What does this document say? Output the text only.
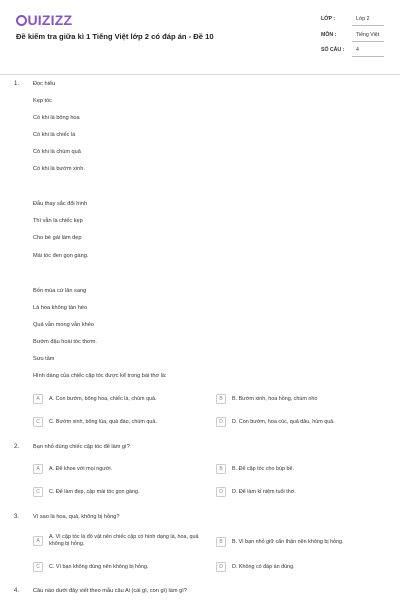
UIZIZZ
Đề kiểm tra giữa kì 1 Tiếng Việt lớp 2 có đáp án - Đề 10
LỚP :	Lớp 2
MÔN :	Tiếng Việt
SỐ CÂU : 4
1. Đọc hiểu
Kẹp tóc
Có khi là bông hoa
Có khi là chiếc lá
Có khi là chùm quả
Có khi là bướm xinh.
Đẫu thay sắc đổi hình
Thì vẫn là chiếc kẹp
Cho bé gái làm đẹp
Mái tóc đen gọn gàng.
Bốn mùa cứ lăn sang
Là hoa không tàn héo
Quả vẫn mong vẫn khéo
Bướm đậu hoài tóc thơm.
Sưu tầm
Hình dáng của chiếc cặp tóc được kể trong bài thơ là:
A	A. Con bướm, bông hoa, chiếc lá, chùm quả.	B	B. Bướm xinh, hoa hồng, chùm nho
C	C. Bướm xinh, bông lúa, quả đào, chùm quả.	D	D. Con bướm, hoa cúc, quả dâu, hùm quả.
2. Bạn nhỏ dùng chiếc cặp tóc để làm gì?
A	A. Để khoe với mọi người.	B	B. Để cặp tóc cho búp bê.
C	C. Để làm đẹp, cặp mái tóc gọn gàng.	D	D. Để làm kỉ niệm tuổi thơ.
3. Vì sao là hoa, quả, không bị hỏng?
A
A. Vì cặp tóc là đồ vật nên chiếc cặp có hình dạng lá, hoa, quả không bị hỏng.	B	B. Vì bạn nhỏ giữ cẩn thận nên không bị hỏng.
C	C. Vì bạn không dùng nên không bị hỏng.	D	D. Không có đáp án đúng.
4. Câu nào dưới đây viết theo mẫu câu Ai (cái gì, con gì) làm gì?
